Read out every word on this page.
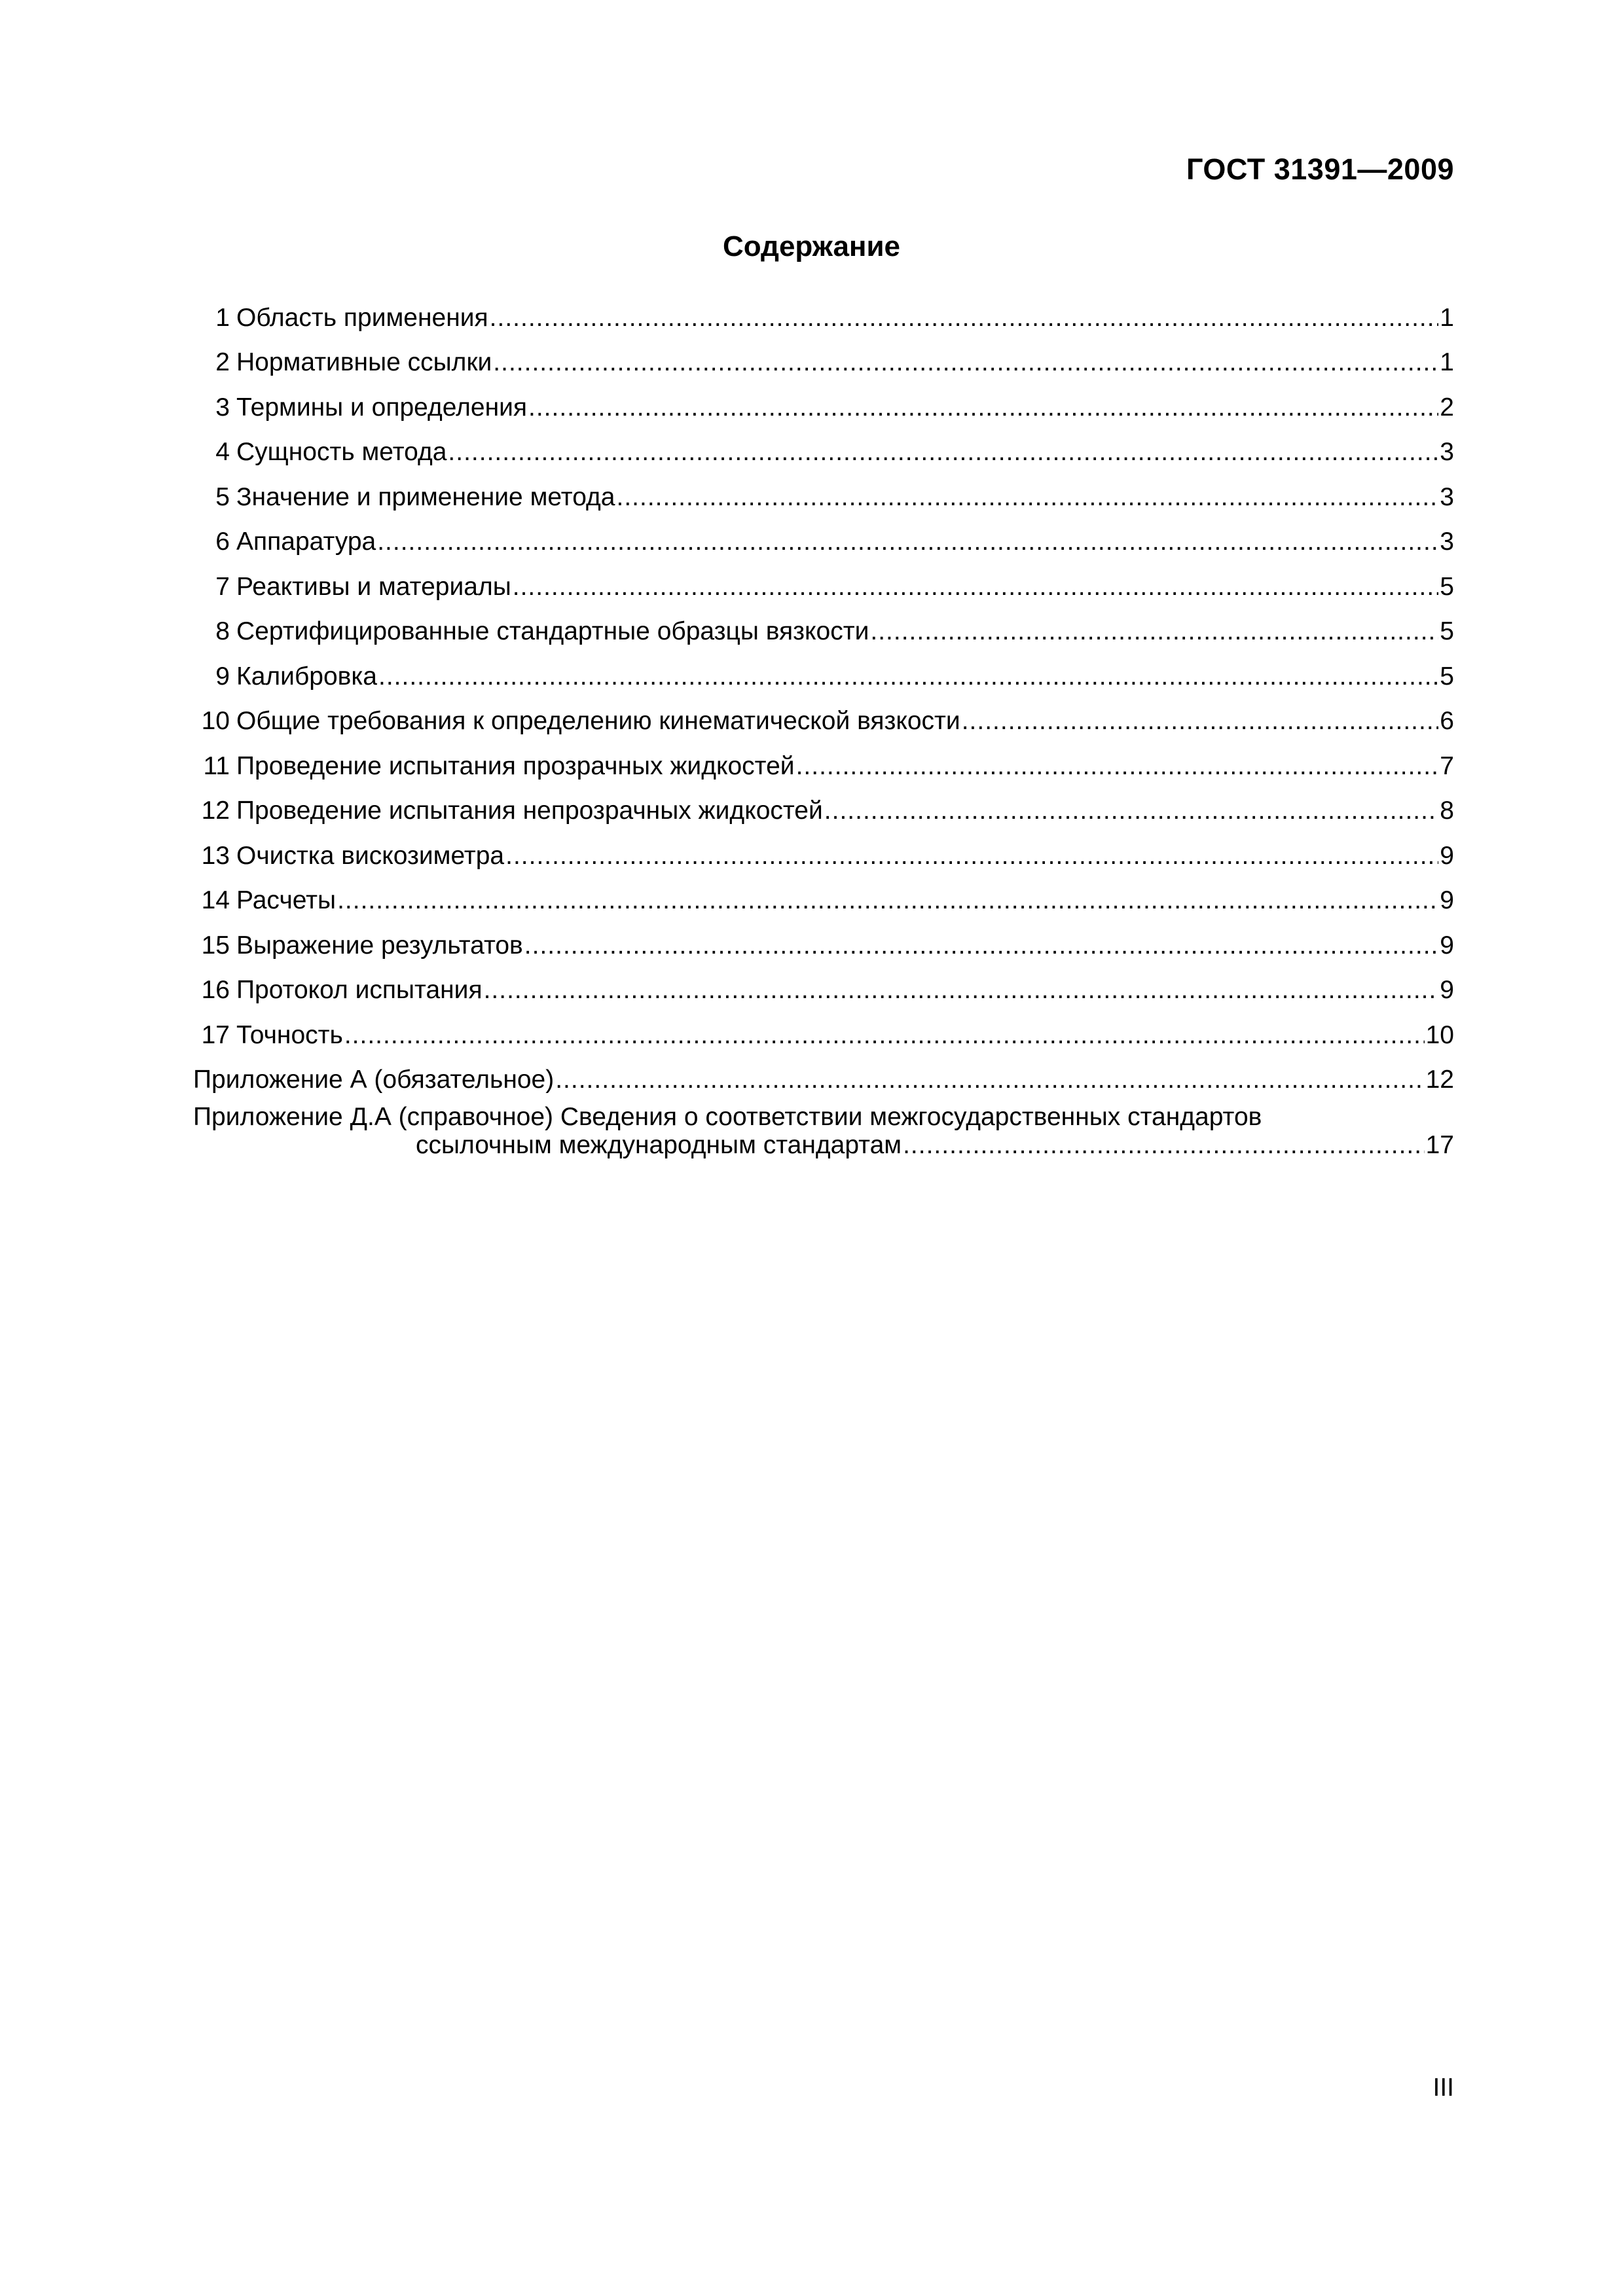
ГОСТ 31391—2009
Содержание
1 Область применения .....	1
2 Нормативные ссылки .....	1
3 Термины и определения .....	2
4 Сущность метода .....	3
5 Значение и применение метода .....	3
6 Аппаратура .....	3
7 Реактивы и материалы .....	5
8 Сертифицированные стандартные образцы вязкости .....	5
9 Калибровка .....	5
10 Общие требования к определению кинематической вязкости .....	6
11 Проведение испытания прозрачных жидкостей .....	7
12 Проведение испытания непрозрачных жидкостей .....	8
13 Очистка вискозиметра .....	9
14 Расчеты .....	9
15 Выражение результатов .....	9
16 Протокол испытания .....	9
17 Точность .....	10
Приложение А (обязательное) .....	12
Приложение Д.А (справочное) Сведения о соответствии межгосударственных стандартов
ссылочным международным стандартам .....	17
III
